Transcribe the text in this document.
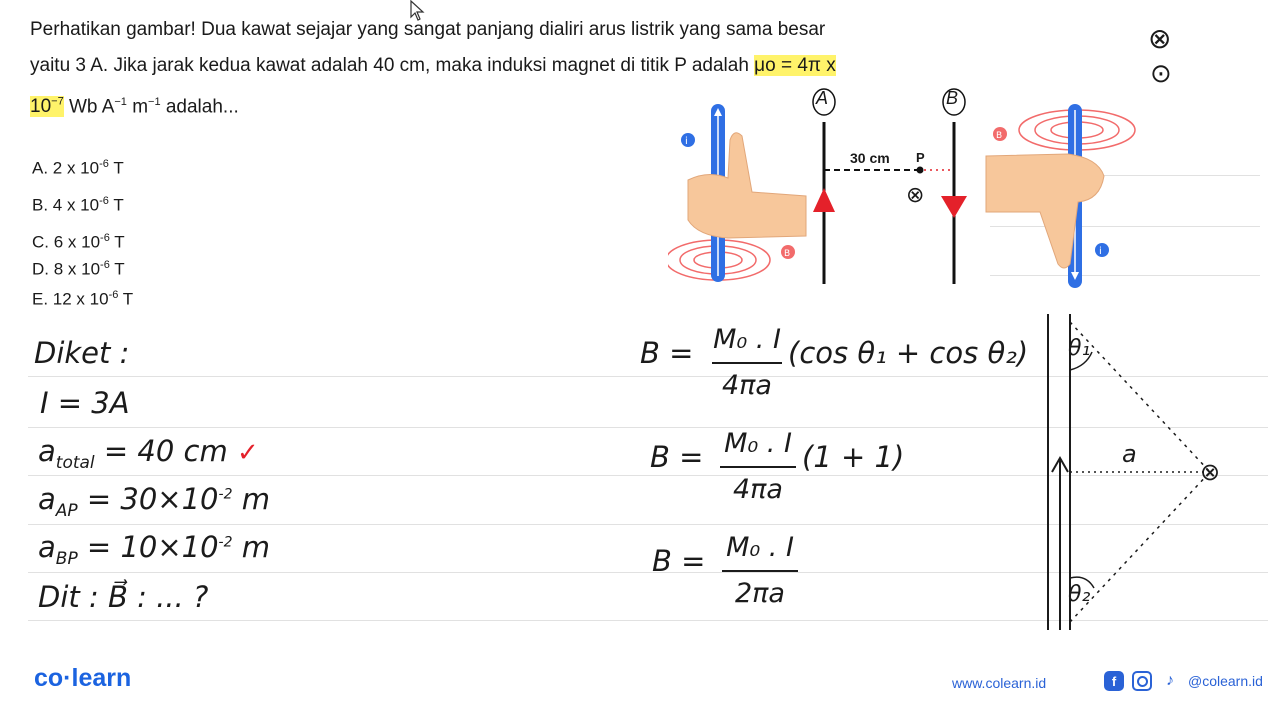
Perhatikan gambar! Dua kawat sejajar yang sangat panjang dialiri arus listrik yang sama besar
yaitu 3 A. Jika jarak kedua kawat adalah 40 cm, maka induksi magnet di titik P adalah μo = 4π x
$10^{-7}$ Wb $A^{-1}$ $m^{-1}$ adalah...
A. 2 x $10^{-6}$ T
B. 4 x $10^{-6}$ T
C. 6 x $10^{-6}$ T
D. 8 x $10^{-6}$ T
E. 12 x $10^{-6}$ T
⊗
⊙
i
B
A	B
30 cm P
⊗
B
i
Diket :
I = 3A
$a_{total} = 40$ cm ✓
$a_{AP} = 30\times 10^{-2}$ m
$a_{BP} = 10\times 10^{-2}$ m
Dit : B⃗ : ... ?
B = M₀ . I
4πa
(cos θ₁ + cos θ₂)
B = M₀ . I
4πa
(1 + 1)
B = M₀ . I
2πa
θ₁
θ₂
a
⊗
co·learn	www.colearn.id	f	♪	@colearn.id
